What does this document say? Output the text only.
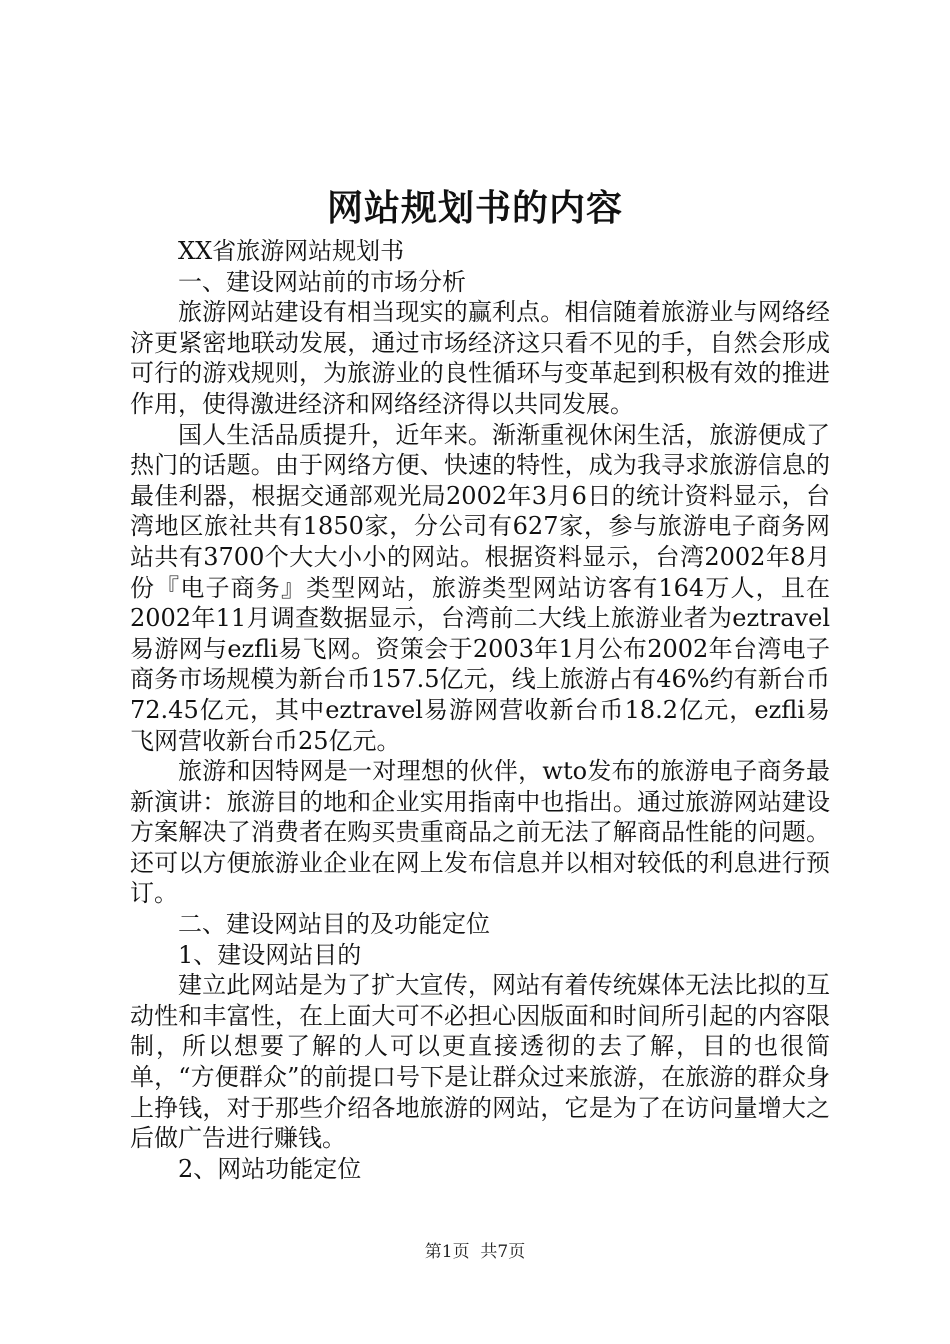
网站规划书的内容

XX省旅游网站规划书

一、建设网站前的市场分析

旅游网站建设有相当现实的赢利点。相信随着旅游业与网络经济更紧密地联动发展，通过市场经济这只看不见的手，自然会形成可行的游戏规则，为旅游业的良性循环与变革起到积极有效的推进作用，使得激进经济和网络经济得以共同发展。

国人生活品质提升，近年来。渐渐重视休闲生活，旅游便成了热门的话题。由于网络方便、快速的特性，成为我寻求旅游信息的最佳利器，根据交通部观光局2002年3月6日的统计资料显示，台湾地区旅社共有1850家，分公司有627家，参与旅游电子商务网站共有3700个大大小小的网站。根据资料显示，台湾2002年8月份『电子商务』类型网站，旅游类型网站访客有164万人，且在2002年11月调查数据显示，台湾前二大线上旅游业者为eztravel易游网与ezfli易飞网。资策会于2003年1月公布2002年台湾电子商务市场规模为新台币157.5亿元，线上旅游占有46%约有新台币72.45亿元，其中eztravel易游网营收新台币18.2亿元，ezfli易飞网营收新台币25亿元。

旅游和因特网是一对理想的伙伴，wto发布的旅游电子商务最新演讲：旅游目的地和企业实用指南中也指出。通过旅游网站建设方案解决了消费者在购买贵重商品之前无法了解商品性能的问题。还可以方便旅游业企业在网上发布信息并以相对较低的利息进行预订。

二、建设网站目的及功能定位

1、建设网站目的

建立此网站是为了扩大宣传，网站有着传统媒体无法比拟的互动性和丰富性，在上面大可不必担心因版面和时间所引起的内容限制，所以想要了解的人可以更直接透彻的去了解，目的也很简单，“方便群众”的前提口号下是让群众过来旅游，在旅游的群众身上挣钱，对于那些介绍各地旅游的网站，它是为了在访问量增大之后做广告进行赚钱。

2、网站功能定位

第1页 共7页
